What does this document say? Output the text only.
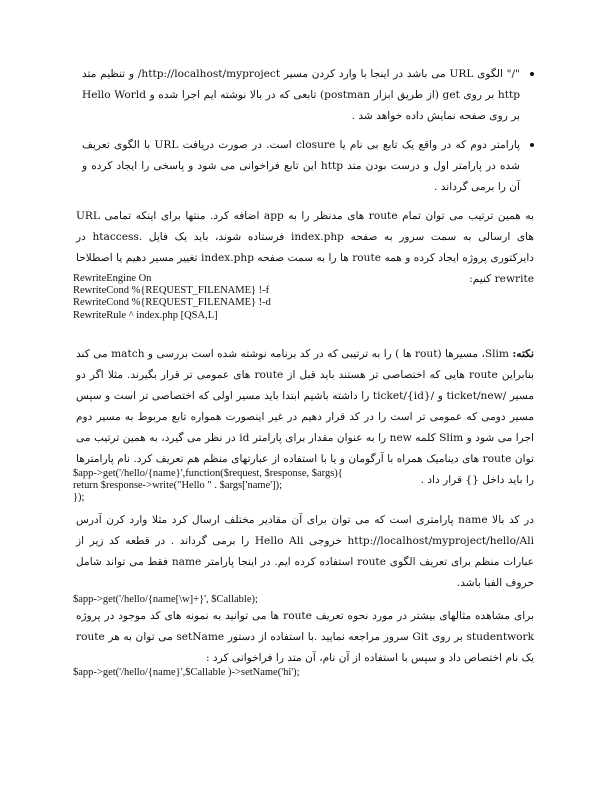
"/" الگوی URL می باشد در اینجا با وارد کردن مسیر http://localhost/myproject/ و تنظیم متد http بر روی get (از طریق ابزار postman) تابعی که در بالا نوشته ایم اجرا شده و Hello World بر روی صفحه نمایش داده خواهد شد .
پارامتر دوم که در واقع یک تابع بی نام یا closure است. در صورت دریافت URL با الگوی تعریف شده در پارامتر اول و درست بودن متد http این تابع فراخوانی می شود و پاسخی را ایجاد کرده و آن را برمی گرداند .

به همین ترتیب می توان تمام route های مدنظر را به app اضافه کرد. منتها برای اینکه تمامی URL های ارسالی به سمت سرور به صفحه index.php فرستاده شوند، باید یک فایل .htaccess در دایرکتوری پروژه ایجاد کرده و همه route ها را به سمت صفحه index.php تغییر مسیر دهیم یا اصطلاحا rewrite کنیم:

RewriteEngine On
RewriteCond %{REQUEST_FILENAME} !-f
RewriteCond %{REQUEST_FILENAME} !-d
RewriteRule ^ index.php [QSA,L]

نکته: Slim، مسیرها (rout ها ) را به ترتیبی که در کد برنامه نوشته شده است بررسی و match می کند بنابراین route هایی که اختصاصی تر هستند باید قبل از route های عمومی تر قرار بگیرند. مثلا اگر دو مسیر /ticket/new و /ticket/{id} را داشته باشیم ابتدا باید مسیر اولی که اختصاصی تر است و سپس مسیر دومی که عمومی تر است را در کد قرار دهیم در غیر اینصورت همواره تابع مربوط به مسیر دوم اجرا می شود و Slim کلمه new را به عنوان مقدار برای پارامتر id در نظر می گیرد، به همین ترتیب می توان route های دینامیک همراه با آرگومان و یا با استفاده از عبارتهای منظم هم تعریف کرد. نام پارامترها را باید داخل {} قرار داد .

$app->get('/hello/{name}',function($request, $response, $args){
return $response->write("Hello " . $args['name']);
});

در کد بالا name پارامتری است که می توان برای آن مقادیر مختلف ارسال کرد مثلا وارد کرن آدرس http://localhost/myproject/hello/Ali خروجی Hello Ali را برمی گرداند . در قطعه کد زیر از عبارات منظم برای تعریف الگوی route استفاده کرده ایم. در اینجا پارامتر name فقط می تواند شامل حروف الفبا باشد.

$app->get('/hello/{name[\w]+}', $Callable);

برای مشاهده مثالهای بیشتر در مورد نحوه تعریف route ها می توانید به نمونه های کد موجود در پروژه studentwork بر روی Git سرور مراجعه نمایید .با استفاده از دستور setName می توان به هر route یک نام اختصاص داد و سپس با استفاده از آن نام، آن متد را فراخوانی کرد :

$app->get('/hello/{name}',$Callable )->setName('hi');
